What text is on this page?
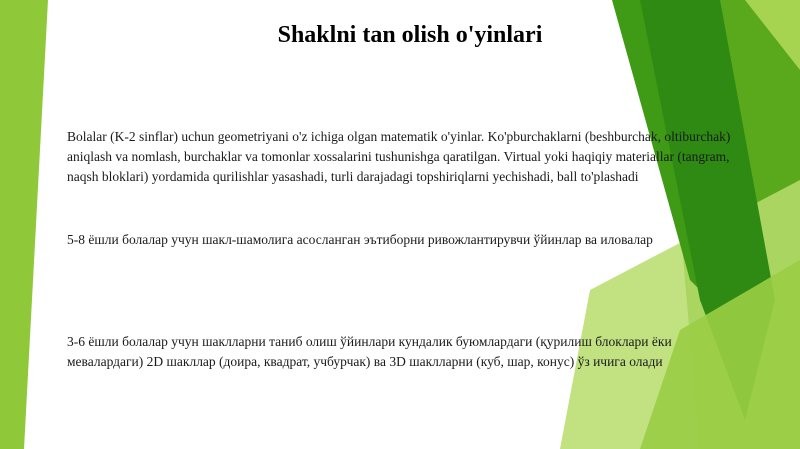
Shaklni tan olish o'yinlari

Bolalar (K-2 sinflar) uchun geometriyani o'z ichiga olgan matematik o'yinlar. Ko'pburchaklarni (beshburchak, oltiburchak) aniqlash va nomlash, burchaklar va tomonlar xossalarini tushunishga qaratilgan. Virtual yoki haqiqiy materiallar (tangram, naqsh bloklari) yordamida qurilishlar yasashadi, turli darajadagi topshiriqlarni yechishadi, ball to'plashadi

5-8 ёшли болалар учун шакл-шамолига асосланган эътиборни ривожлантирувчи ўйинлар ва иловалар

3-6 ёшли болалар учун шаклларни таниб олиш ўйинлари кундалик буюмлардаги (қурилиш блоклари ёки мевалардаги) 2D шакллар (доира, квадрат, учбурчак) ва 3D шаклларни (куб, шар, конус) ўз ичига олади
